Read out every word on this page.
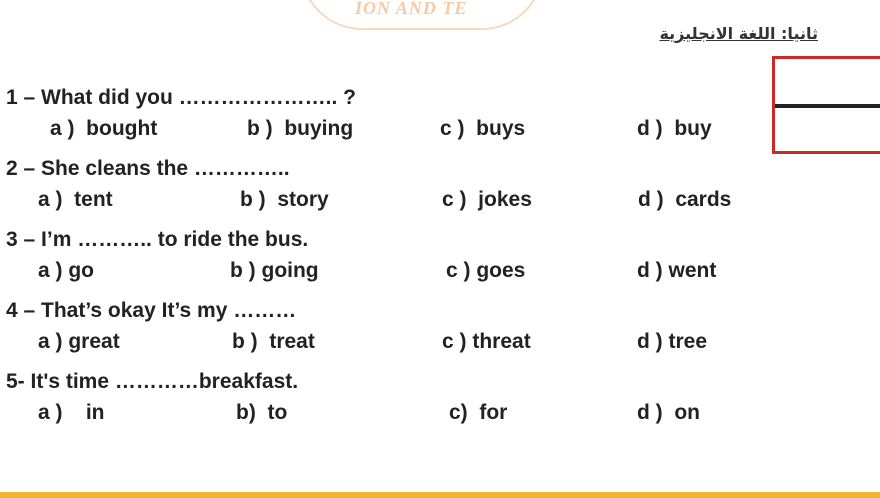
ION AND TE
ثانيا: اللغة الانجليزية
1 – What did you ………………….. ?
a )  bought	b )  buying	c )  buys	d )  buy
2 – She cleans the …………..
a )  tent	b )  story	c )  jokes	d )  cards
3 – I’m ……….. to ride the bus.
a ) go	b ) going	c ) goes	d ) went
4 – That’s okay It’s my ………
a ) great	b )  treat	c ) threat	d ) tree
5- It's time …………breakfast.
a )    in	b)  to	c)  for	d )  on
